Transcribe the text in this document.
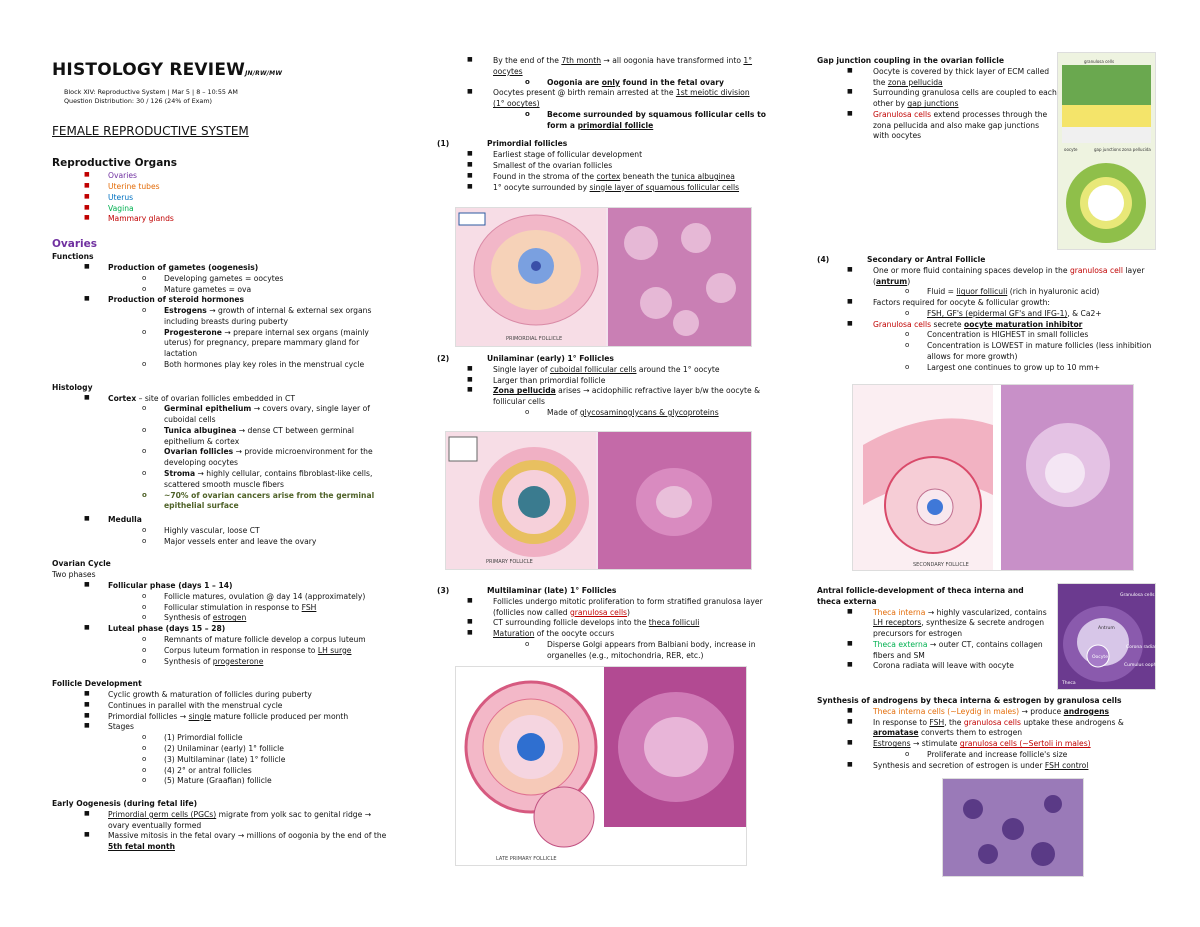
HISTOLOGY REVIEWJN/RW/MW
Block XIV: Reproductive System | Mar 5 | 8 – 10:55 AM
Question Distribution: 30 / 126 (24% of Exam)
FEMALE REPRODUCTIVE SYSTEM
Reproductive Organs
■ Ovaries
■ Uterine tubes
■ Uterus
■ Vagina
■ Mammary glands
Ovaries
Functions
■ Production of gametes (oogenesis)
o Developing gametes = oocytes
o Mature gametes = ova
■ Production of steroid hormones
o Estrogens → growth of internal & external sex organs including breasts during puberty
o Progesterone → prepare internal sex organs (mainly uterus) for pregnancy, prepare mammary gland for lactation
o Both hormones play key roles in the menstrual cycle
Histology
■ Cortex – site of ovarian follicles embedded in CT
o Germinal epithelium → covers ovary, single layer of cuboidal cells
o Tunica albuginea → dense CT between germinal epithelium & cortex
o Ovarian follicles → provide microenvironment for the developing oocytes
o Stroma → highly cellular, contains fibroblast-like cells, scattered smooth muscle fibers
o ~70% of ovarian cancers arise from the germinal epithelial surface
■ Medulla
o Highly vascular, loose CT
o Major vessels enter and leave the ovary
Ovarian Cycle
Two phases
■ Follicular phase (days 1 – 14)
o Follicle matures, ovulation @ day 14 (approximately)
o Follicular stimulation in response to FSH
o Synthesis of estrogen
■ Luteal phase (days 15 – 28)
o Remnants of mature follicle develop a corpus luteum
o Corpus luteum formation in response to LH surge
o Synthesis of progesterone
Follicle Development
■ Cyclic growth & maturation of follicles during puberty
■ Continues in parallel with the menstrual cycle
■ Primordial follicles → single mature follicle produced per month
■ Stages
o (1) Primordial follicle
o (2) Unilaminar (early) 1° follicle
o (3) Multilaminar (late) 1° follicle
o (4) 2° or antral follicles
o (5) Mature (Graafian) follicle
Early Oogenesis (during fetal life)
■ Primordial germ cells (PGCs) migrate from yolk sac to genital ridge → ovary eventually formed
■ Massive mitosis in the fetal ovary → millions of oogonia by the end of the 5th fetal month
■	By the end of the 7th month → all oogonia have transformed into 1° oocytes
o Oogonia are only found in the fetal ovary
■	Oocytes present @ birth remain arrested at the 1st meiotic division
(1° oocytes)
o Become surrounded by squamous follicular cells to form a primordial follicle
(1)	Primordial follicles
■	Earliest stage of follicular development
■	Smallest of the ovarian follicles
■	Found in the stroma of the cortex beneath the tunica albuginea
■	1° oocyte surrounded by single layer of squamous follicular cells
PRIMORDIAL FOLLICLE
(2)	Unilaminar (early) 1° Follicles
■	Single layer of cuboidal follicular cells around the 1° oocyte
■	Larger than primordial follicle
■	Zona pellucida arises → acidophilic refractive layer b/w the oocyte & follicular cells
o Made of glycosaminoglycans & glycoproteins
PRIMARY FOLLICLE
(3)	Multilaminar (late) 1° Follicles
■	Follicles undergo mitotic proliferation to form stratified granulosa layer (follicles now called granulosa cells)
■	CT surrounding follicle develops into the theca folliculi
■	Maturation of the oocyte occurs
o Disperse Golgi appears from Balbiani body, increase in organelles (e.g., mitochondria, RER, etc.)
LATE PRIMARY FOLLICLE
Gap junction coupling in the ovarian follicle
■	Oocyte is covered by thick layer of ECM called the zona pellucida
■	Surrounding granulosa cells are coupled to each other by gap junctions
■	Granulosa cells extend processes through the zona pellucida and also make gap junctions with oocytes
granulosa cells
oocyte	gap junctions zona pellucida
(4)	Secondary or Antral Follicle
■	One or more fluid containing spaces develop in the granulosa cell layer (antrum)
o Fluid = liquor folliculi (rich in hyaluronic acid)
■	Factors required for oocyte & follicular growth:
o FSH, GF's (epidermal GF's and IFG-1), & Ca2+
■	Granulosa cells secrete oocyte maturation inhibitor
o Concentration is HIGHEST in small follicles
o Concentration is LOWEST in mature follicles (less inhibition allows for more growth)
o Largest one continues to grow up to 10 mm+
SECONDARY FOLLICLE
Antral follicle-development of theca interna and theca externa
■	Theca interna → highly vascularized, contains LH receptors, synthesize & secrete androgen precursors for estrogen
■	Theca externa → outer CT, contains collagen fibers and SM
■	Corona radiata will leave with oocyte
Granulosa cells
Antrum
Corona radiata
Oocyte
Cumulus oophorus
Theca
Synthesis of androgens by theca interna & estrogen by granulosa cells
■	Theca interna cells (~Leydig in males) → produce androgens
■	In response to FSH, the granulosa cells uptake these androgens & aromatase converts them to estrogen
■	Estrogens → stimulate granulosa cells (~Sertoli in males)
o Proliferate and increase follicle's size
■	Synthesis and secretion of estrogen is under FSH control
